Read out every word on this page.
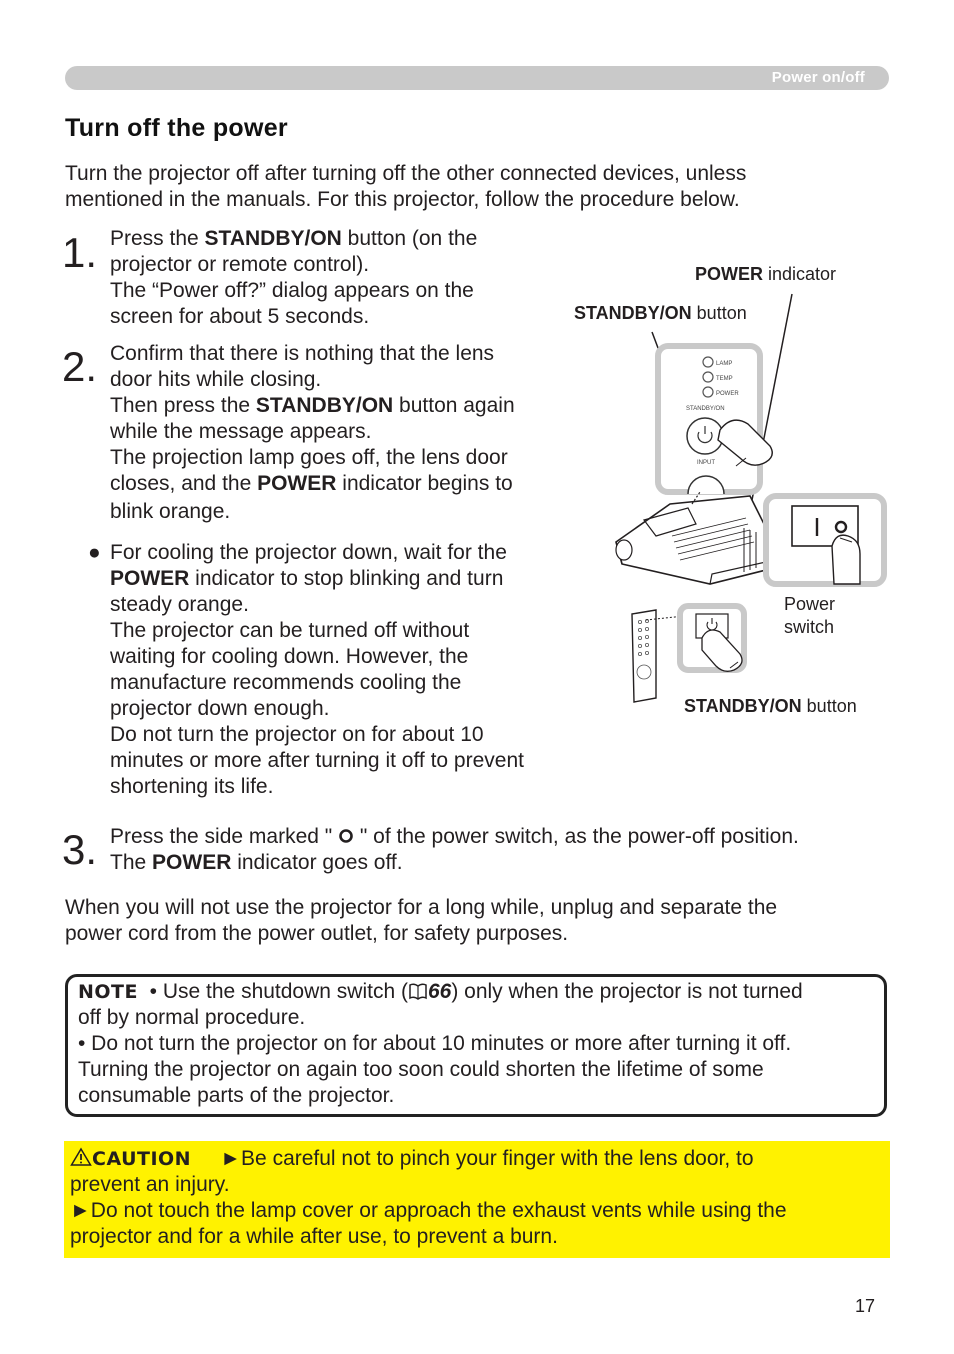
Power on/off
Turn off the power
Turn the projector off after turning off the other connected devices, unless
mentioned in the manuals. For this projector, follow the procedure below.
1. Press the STANDBY/ON button (on the
projector or remote control).
The “Power off?” dialog appears on the
screen for about 5 seconds.
2. Confirm that there is nothing that the lens
door hits while closing.
Then press the STANDBY/ON button again
while the message appears.
The projection lamp goes off, the lens door
closes, and the POWER indicator begins to
blink orange.
● For cooling the projector down, wait for the
POWER indicator to stop blinking and turn
steady orange.
The projector can be turned off without
waiting for cooling down. However, the
manufacture recommends cooling the
projector down enough.
Do not turn the projector on for about 10
minutes or more after turning it off to prevent
shortening its life.
3. Press the side marked "  " of the power switch, as the power-off position.
The POWER indicator goes off.
When you will not use the projector for a long while, unplug and separate the
power cord from the power outlet, for safety purposes.
POWER indicator
STANDBY/ON button
Power
switch
STANDBY/ON button
LAMP
TEMP
POWER
STANDBY/ON
INPUT
NOTE • Use the shutdown switch ( 66) only when the projector is not turned
off by normal procedure.
• Do not turn the projector on for about 10 minutes or more after turning it off.
Turning the projector on again too soon could shorten the lifetime of some
consumable parts of the projector.
CAUTION ►Be careful not to pinch your finger with the lens door, to
prevent an injury.
►Do not touch the lamp cover or approach the exhaust vents while using the
projector and for a while after use, to prevent a burn.
17
